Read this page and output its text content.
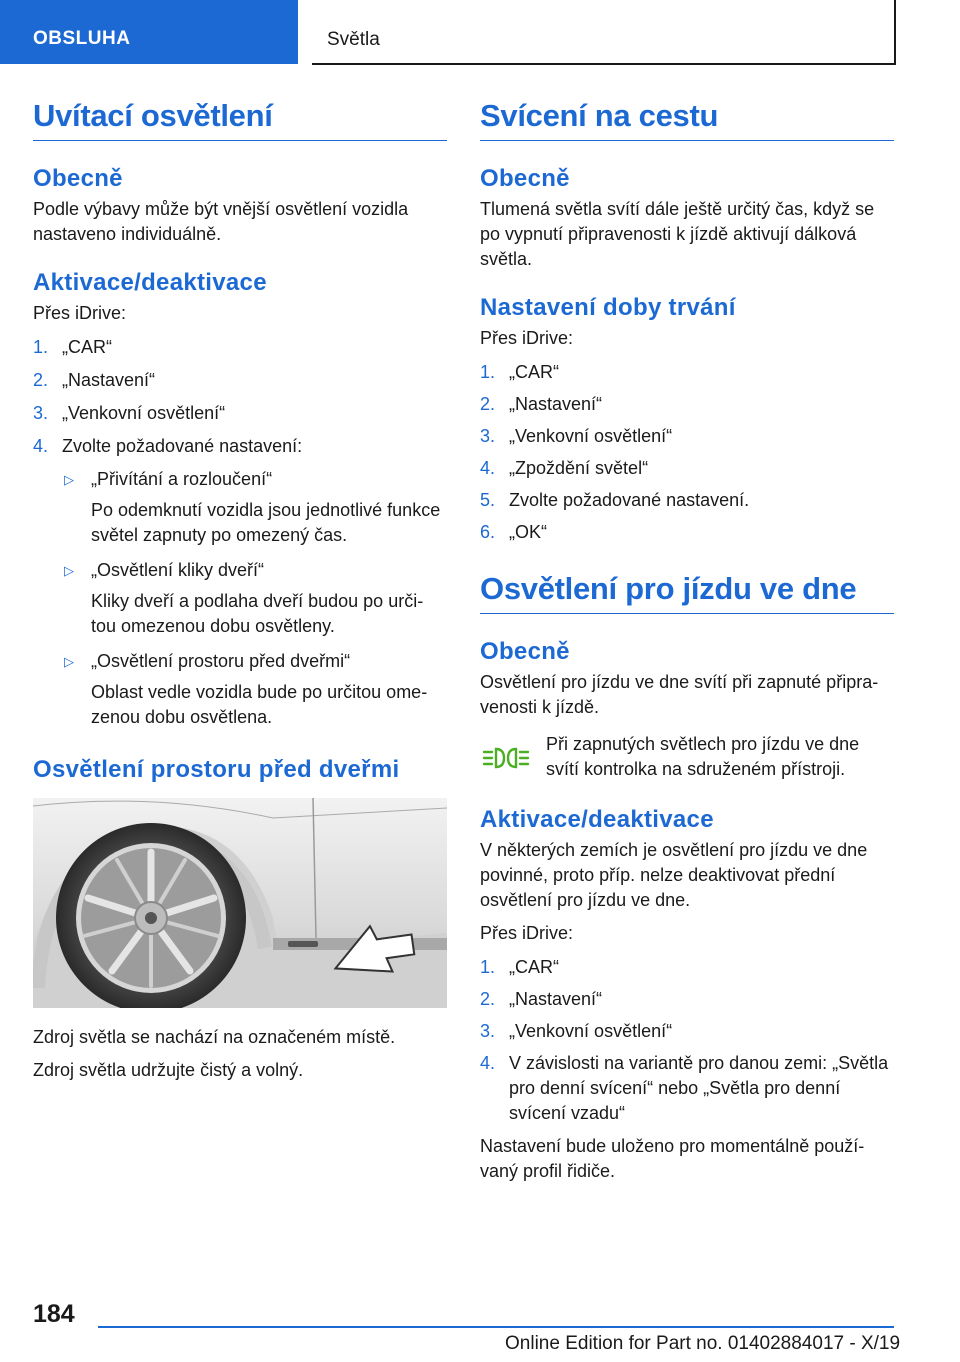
OBSLUHA	Světla
Uvítací osvětlení
Obecně

Podle výbavy může být vnější osvětlení vozidla nastaveno individuálně.

Aktivace/deaktivace

Přes iDrive:

1. „CAR“
2. „Nastavení“
3. „Venkovní osvětlení“
4. Zvolte požadované nastavení:
▷ „Přivítání a rozloučení“
Po odemknutí vozidla jsou jednotlivé funkce světel zapnuty po omezený čas.
▷ „Osvětlení kliky dveří“
Kliky dveří a podlaha dveří budou po urči-tou omezenou dobu osvětleny.
▷ „Osvětlení prostoru před dveřmi“
Oblast vedle vozidla bude po určitou ome-zenou dobu osvětlena.
Osvětlení prostoru před dveřmi

Zdroj světla se nachází na označeném místě.

Zdroj světla udržujte čistý a volný.

Svícení na cestu
Obecně

Tlumená světla svítí dále ještě určitý čas, když se po vypnutí připravenosti k jízdě aktivují dálková světla.

Nastavení doby trvání

Přes iDrive:

1. „CAR“
2. „Nastavení“
3. „Venkovní osvětlení“
4. „Zpoždění světel“
5. Zvolte požadované nastavení.
6. „OK“
Osvětlení pro jízdu ve dne
Obecně

Osvětlení pro jízdu ve dne svítí při zapnuté připra-venosti k jízdě.

Při zapnutých světlech pro jízdu ve dne svítí kontrolka na sdruženém přístroji.
Aktivace/deaktivace

V některých zemích je osvětlení pro jízdu ve dne povinné, proto příp. nelze deaktivovat přední osvětlení pro jízdu ve dne.

Přes iDrive:

1. „CAR“
2. „Nastavení“
3. „Venkovní osvětlení“
4. V závislosti na variantě pro danou zemi: „Světla pro denní svícení“ nebo „Světla pro denní svícení vzadu“

Nastavení bude uloženo pro momentálně použí-vaný profil řidiče.

184
Online Edition for Part no. 01402884017 - X/19
